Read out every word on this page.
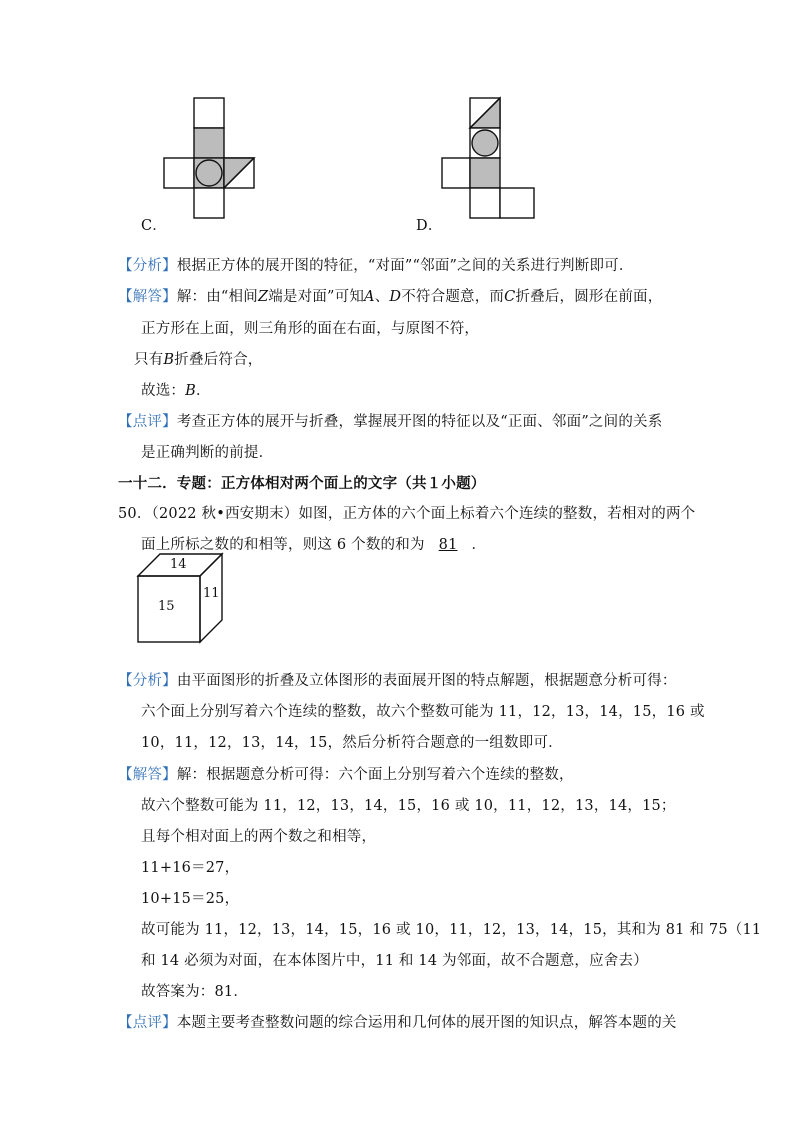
C．	D．
【分析】根据正方体的展开图的特征，“对面”“邻面”之间的关系进行判断即可．
【解答】解：由“相间Z端是对面”可知A、D不符合题意，而C折叠后，圆形在前面，
正方形在上面，则三角形的面在右面，与原图不符，
只有B折叠后符合，
故选：B．
【点评】考查正方体的展开与折叠，掌握展开图的特征以及“正面、邻面”之间的关系
是正确判断的前提．
一十二．专题：正方体相对两个面上的文字（共１小题）
50．（2022 秋•西安期末）如图，正方体的六个面上标着六个连续的整数，若相对的两个
面上所标之数的和相等，则这 6 个数的和为 81 ．
14
15
11
【分析】由平面图形的折叠及立体图形的表面展开图的特点解题，根据题意分析可得：
六个面上分别写着六个连续的整数，故六个整数可能为 11，12，13，14，15，16 或
10，11，12，13，14，15，然后分析符合题意的一组数即可．
【解答】解：根据题意分析可得：六个面上分别写着六个连续的整数，
故六个整数可能为 11，12，13，14，15，16 或 10，11，12，13，14，15；
且每个相对面上的两个数之和相等，
11+16＝27，
10+15＝25，
故可能为 11，12，13，14，15，16 或 10，11，12，13，14，15，其和为 81 和 75（11
和 14 必须为对面，在本体图片中，11 和 14 为邻面，故不合题意，应舍去）
故答案为：81．
【点评】本题主要考查整数问题的综合运用和几何体的展开图的知识点，解答本题的关
